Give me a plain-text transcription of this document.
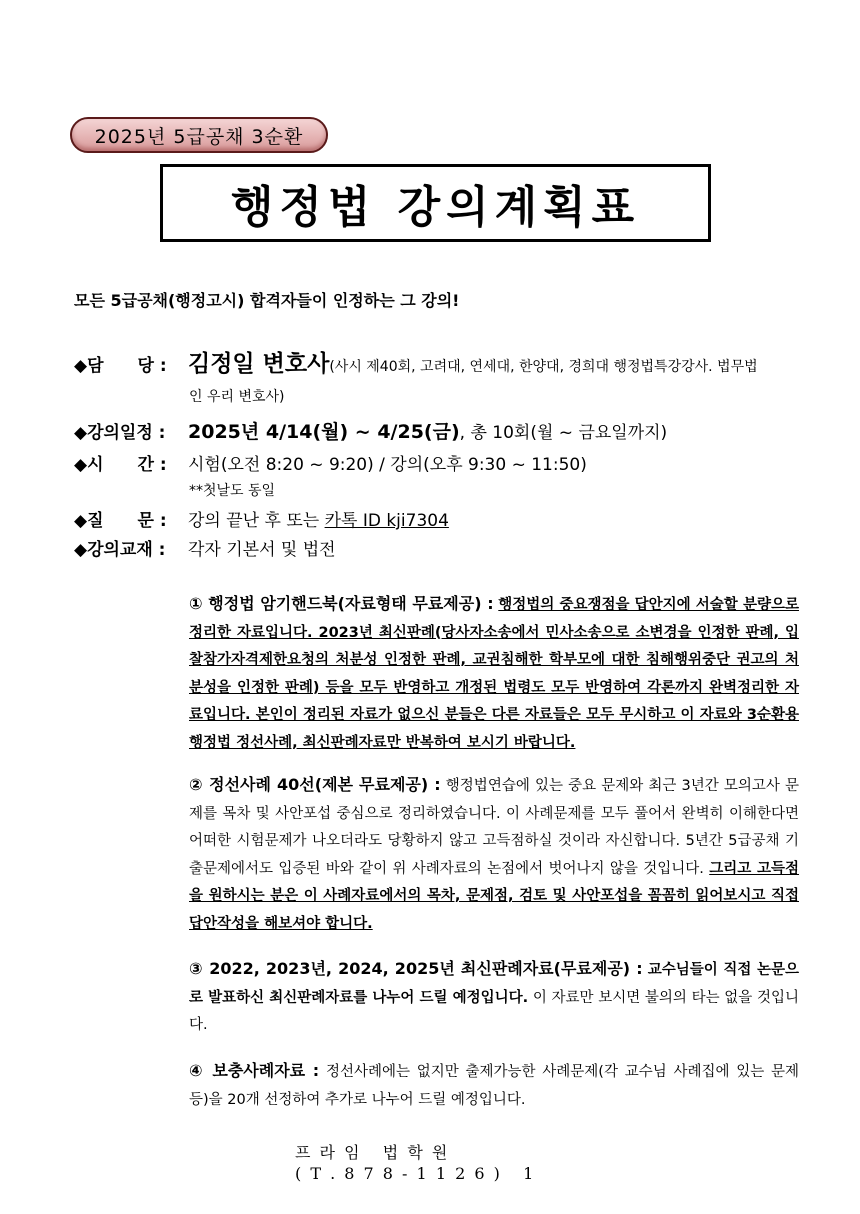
2025년 5급공채 3순환
행정법 강의계획표
모든 5급공채(행정고시) 합격자들이 인정하는 그 강의!
◆담　　당 : 김정일 변호사(사시 제40회, 고려대, 연세대, 한양대, 경희대 행정법특강강사. 법무법
인 우리 변호사)
◆강의일정 : 2025년 4/14(월) ~ 4/25(금), 총 10회(월 ~ 금요일까지)
◆시　　간 : 시험(오전 8:20 ~ 9:20) / 강의(오후 9:30 ~ 11:50)
**첫날도 동일
◆질　　문 : 강의 끝난 후 또는 카톡 ID kji7304
◆강의교재 : 각자 기본서 및 법전
① 행정법 암기핸드북(자료형태 무료제공) : 행정법의 중요쟁점을 답안지에 서술할 분량으로 정리한 자료입니다. 2023년 최신판례(당사자소송에서 민사소송으로 소변경을 인정한 판례, 입찰참가자격제한요청의 처분성 인정한 판례, 교권침해한 학부모에 대한 침해행위중단 권고의 처분성을 인정한 판례) 등을 모두 반영하고 개정된 법령도 모두 반영하여 각론까지 완벽정리한 자료입니다. 본인이 정리된 자료가 없으신 분들은 다른 자료들은 모두 무시하고 이 자료와 3순환용 행정법 정선사례, 최신판례자료만 반복하여 보시기 바랍니다.
② 정선사례 40선(제본 무료제공) : 행정법연습에 있는 중요 문제와 최근 3년간 모의고사 문제를 목차 및 사안포섭 중심으로 정리하였습니다. 이 사례문제를 모두 풀어서 완벽히 이해한다면 어떠한 시험문제가 나오더라도 당황하지 않고 고득점하실 것이라 자신합니다. 5년간 5급공채 기출문제에서도 입증된 바와 같이 위 사례자료의 논점에서 벗어나지 않을 것입니다. 그리고 고득점을 원하시는 분은 이 사례자료에서의 목차, 문제점, 검토 및 사안포섭을 꼼꼼히 읽어보시고 직접 답안작성을 해보셔야 합니다.
③ 2022, 2023년, 2024, 2025년 최신판례자료(무료제공) : 교수님들이 직접 논문으로 발표하신 최신판례자료를 나누어 드릴 예정입니다. 이 자료만 보시면 불의의 타는 없을 것입니다.
④ 보충사례자료 : 정선사례에는 없지만 출제가능한 사례문제(각 교수님 사례집에 있는 문제 등)을 20개 선정하여 추가로 나누어 드릴 예정입니다.
프 라 임   법 학 원
( T . 8 7 8 - 1 1 2 6 ) 1
